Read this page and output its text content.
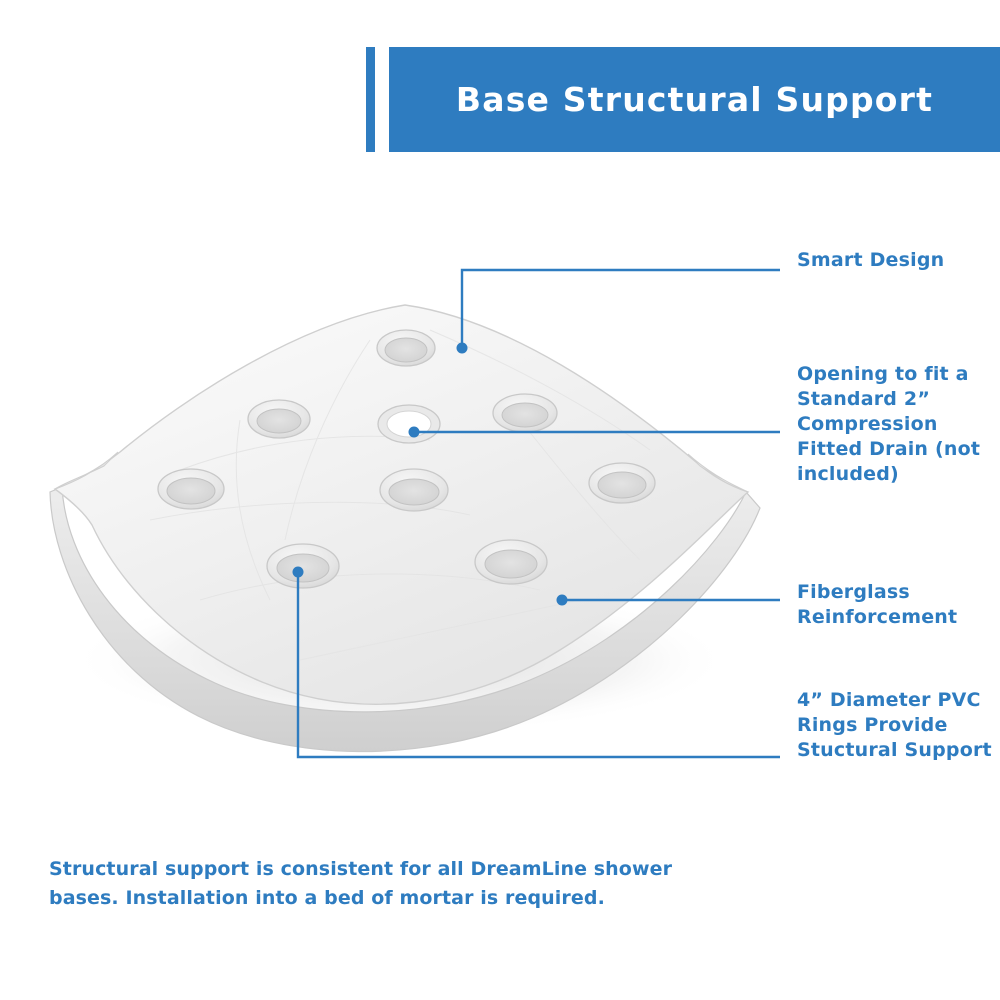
Base Structural Support
Smart Design
Opening to fit a Standard 2” Compression Fitted Drain (not included)
Fiberglass Reinforcement
4” Diameter PVC Rings Provide Stuctural Support
Structural support is consistent for all DreamLine shower bases. Installation into a bed of mortar is required.
